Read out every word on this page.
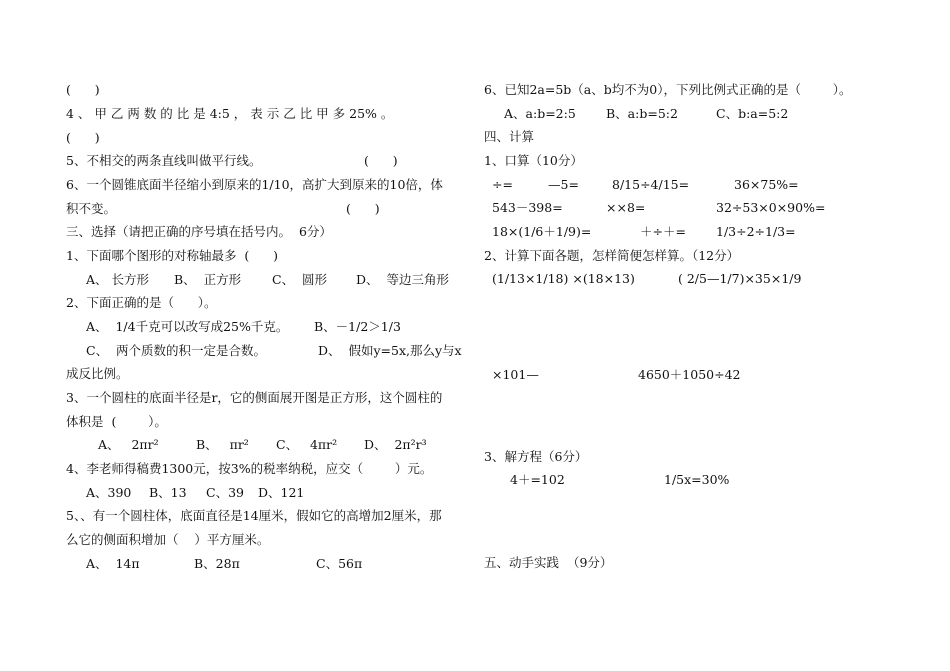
(      )
4 、 甲 乙 两 数 的 比 是 4:5 ， 表 示 乙 比 甲 多 25% 。
(      )
5、不相交的两条直线叫做平行线。	(      )
6、一个圆锥底面半径缩小到原来的1/10，高扩大到原来的10倍，体
积不变。	(      )
三、选择（请把正确的序号填在括号内。  6分）
1、下面哪个图形的对称轴最多  (      )
A、 长方形 B、  正方形 C、  圆形 D、  等边三角形
2、下面正确的是（      ）。
A、  1/4千克可以改写成25%千克。 B、－1/2＞1/3
C、  两个质数的积一定是合数。	D、  假如y=5x,那么y与x
成反比例。
3、一个圆柱的底面半径是r，它的侧面展开图是正方形，这个圆柱的
体积是  (        ）。
A、   2πr²	B、   πr² C、   4πr² D、  2π²r³
4、李老师得稿费1300元，按3%的税率纳税，应交（        ）元。
A、390 B、13 C、39 D、121
5、、有一个圆柱体，底面直径是14厘米，假如它的高增加2厘米，那
么它的侧面积增加（    ）平方厘米。
A、  14π	B、28π	C、56π
6、已知2a=5b（a、b均不为0），下列比例式正确的是（        ）。
A、a:b=2:5 B、a:b=5:2	C、b:a=5:2
四、计算
1、口算（10分）
÷=	—5=	8/15÷4/15=	36×75%=
543－398=	××8=	32÷53×0×90%=
18×(1/6＋1/9)=	＋÷＋= 1/3÷2÷1/3=
2、计算下面各题，怎样简便怎样算。（12分）
(1/13×1/18) ×(18×13)	( 2/5—1/7)×35×1/9
×101—	4650＋1050÷42
3、解方程（6分）
4＋=102	1/5x=30%
五、动手实践  （9分）
